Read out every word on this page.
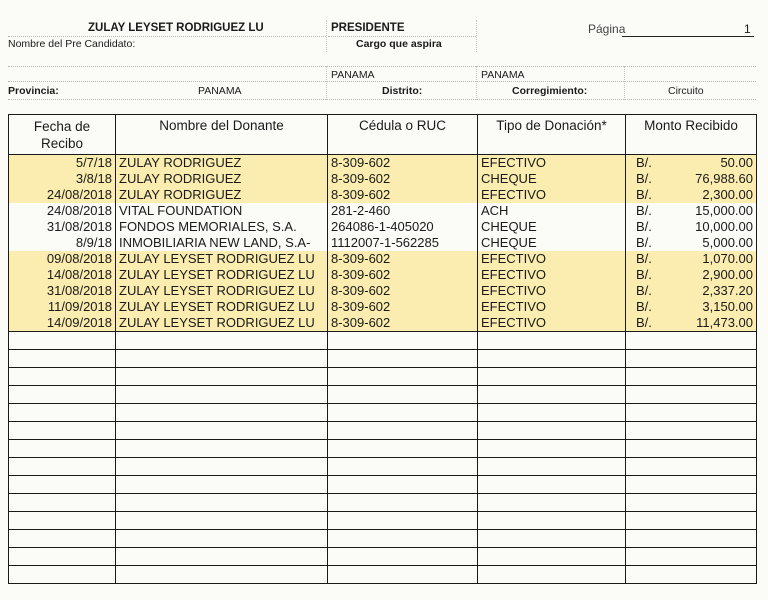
ZULAY LEYSET RODRIGUEZ LU
Nombre del Pre Candidato:
PRESIDENTE
Cargo que aspira
Página	1
PANAMA	PANAMA
Provincia:	PANAMA	Distrito:	Corregimiento:	Circuito
Fecha de Recibo	Nombre del Donante	Cédula o RUC	Tipo de Donación*	Monto Recibido
5/7/18	ZULAY RODRIGUEZ	8-309-602	EFECTIVO	B/. 50.00
3/8/18	ZULAY RODRIGUEZ	8-309-602	CHEQUE	B/. 76,988.60
24/08/2018	ZULAY RODRIGUEZ	8-309-602	EFECTIVO	B/. 2,300.00
24/08/2018	VITAL FOUNDATION	281-2-460	ACH	B/. 15,000.00
31/08/2018	FONDOS MEMORIALES, S.A.	264086-1-405020	CHEQUE	B/. 10,000.00
8/9/18	INMOBILIARIA NEW LAND, S.A-	1112007-1-562285	CHEQUE	B/. 5,000.00
09/08/2018	ZULAY LEYSET RODRIGUEZ LU	8-309-602	EFECTIVO	B/. 1,070.00
14/08/2018	ZULAY LEYSET RODRIGUEZ LU	8-309-602	EFECTIVO	B/. 2,900.00
31/08/2018	ZULAY LEYSET RODRIGUEZ LU	8-309-602	EFECTIVO	B/. 2,337.20
11/09/2018	ZULAY LEYSET RODRIGUEZ LU	8-309-602	EFECTIVO	B/. 3,150.00
14/09/2018	ZULAY LEYSET RODRIGUEZ LU	8-309-602	EFECTIVO	B/. 11,473.00
